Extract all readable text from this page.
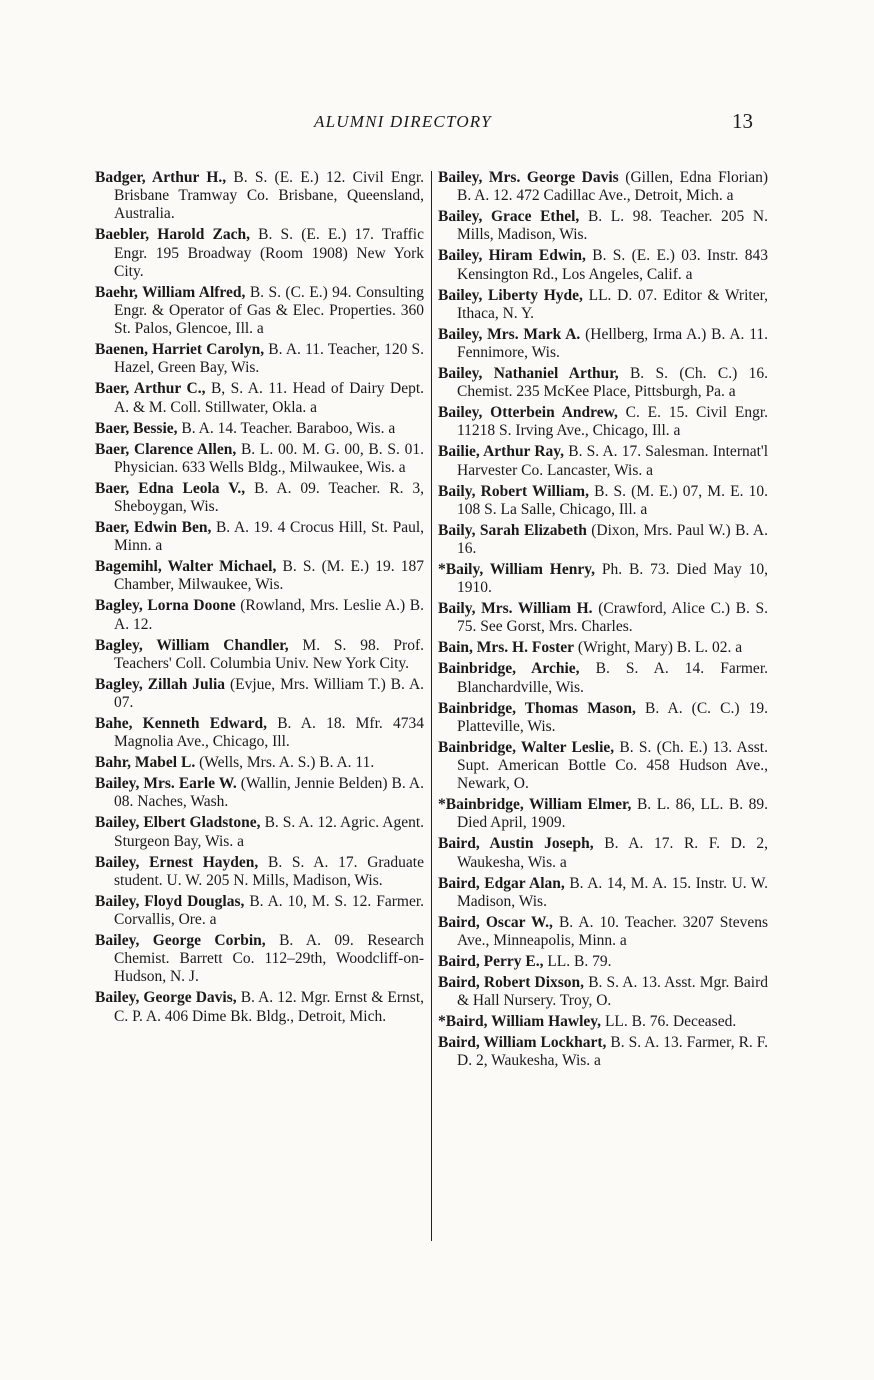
ALUMNI DIRECTORY	13
Badger, Arthur H., B. S. (E. E.) 12. Civil Engr. Brisbane Tramway Co. Brisbane, Queensland, Australia.
Baebler, Harold Zach, B. S. (E. E.) 17. Traffic Engr. 195 Broadway (Room 1908) New York City.
Baehr, William Alfred, B. S. (C. E.) 94. Consulting Engr. & Operator of Gas & Elec. Properties. 360 St. Palos, Glencoe, Ill. a
Baenen, Harriet Carolyn, B. A. 11. Teacher, 120 S. Hazel, Green Bay, Wis.
Baer, Arthur C., B, S. A. 11. Head of Dairy Dept. A. & M. Coll. Stillwater, Okla. a
Baer, Bessie, B. A. 14. Teacher. Baraboo, Wis. a
Baer, Clarence Allen, B. L. 00. M. G. 00, B. S. 01. Physician. 633 Wells Bldg., Milwaukee, Wis. a
Baer, Edna Leola V., B. A. 09. Teacher. R. 3, Sheboygan, Wis.
Baer, Edwin Ben, B. A. 19. 4 Crocus Hill, St. Paul, Minn. a
Bagemihl, Walter Michael, B. S. (M. E.) 19. 187 Chamber, Milwaukee, Wis.
Bagley, Lorna Doone (Rowland, Mrs. Leslie A.) B. A. 12.
Bagley, William Chandler, M. S. 98. Prof. Teachers' Coll. Columbia Univ. New York City.
Bagley, Zillah Julia (Evjue, Mrs. William T.) B. A. 07.
Bahe, Kenneth Edward, B. A. 18. Mfr. 4734 Magnolia Ave., Chicago, Ill.
Bahr, Mabel L. (Wells, Mrs. A. S.) B. A. 11.
Bailey, Mrs. Earle W. (Wallin, Jennie Belden) B. A. 08. Naches, Wash.
Bailey, Elbert Gladstone, B. S. A. 12. Agric. Agent. Sturgeon Bay, Wis. a
Bailey, Ernest Hayden, B. S. A. 17. Graduate student. U. W. 205 N. Mills, Madison, Wis.
Bailey, Floyd Douglas, B. A. 10, M. S. 12. Farmer. Corvallis, Ore. a
Bailey, George Corbin, B. A. 09. Research Chemist. Barrett Co. 112–29th, Woodcliff-on-Hudson, N. J.
Bailey, George Davis, B. A. 12. Mgr. Ernst & Ernst, C. P. A. 406 Dime Bk. Bldg., Detroit, Mich.
Bailey, Mrs. George Davis (Gillen, Edna Florian) B. A. 12. 472 Cadillac Ave., Detroit, Mich. a
Bailey, Grace Ethel, B. L. 98. Teacher. 205 N. Mills, Madison, Wis.
Bailey, Hiram Edwin, B. S. (E. E.) 03. Instr. 843 Kensington Rd., Los Angeles, Calif. a
Bailey, Liberty Hyde, LL. D. 07. Editor & Writer, Ithaca, N. Y.
Bailey, Mrs. Mark A. (Hellberg, Irma A.) B. A. 11. Fennimore, Wis.
Bailey, Nathaniel Arthur, B. S. (Ch. C.) 16. Chemist. 235 McKee Place, Pittsburgh, Pa. a
Bailey, Otterbein Andrew, C. E. 15. Civil Engr. 11218 S. Irving Ave., Chicago, Ill. a
Bailie, Arthur Ray, B. S. A. 17. Salesman. Internat'l Harvester Co. Lancaster, Wis. a
Baily, Robert William, B. S. (M. E.) 07, M. E. 10. 108 S. La Salle, Chicago, Ill. a
Baily, Sarah Elizabeth (Dixon, Mrs. Paul W.) B. A. 16.
*Baily, William Henry, Ph. B. 73. Died May 10, 1910.
Baily, Mrs. William H. (Crawford, Alice C.) B. S. 75. See Gorst, Mrs. Charles.
Bain, Mrs. H. Foster (Wright, Mary) B. L. 02. a
Bainbridge, Archie, B. S. A. 14. Farmer. Blanchardville, Wis.
Bainbridge, Thomas Mason, B. A. (C. C.) 19. Platteville, Wis.
Bainbridge, Walter Leslie, B. S. (Ch. E.) 13. Asst. Supt. American Bottle Co. 458 Hudson Ave., Newark, O.
*Bainbridge, William Elmer, B. L. 86, LL. B. 89. Died April, 1909.
Baird, Austin Joseph, B. A. 17. R. F. D. 2, Waukesha, Wis. a
Baird, Edgar Alan, B. A. 14, M. A. 15. Instr. U. W. Madison, Wis.
Baird, Oscar W., B. A. 10. Teacher. 3207 Stevens Ave., Minneapolis, Minn. a
Baird, Perry E., LL. B. 79.
Baird, Robert Dixson, B. S. A. 13. Asst. Mgr. Baird & Hall Nursery. Troy, O.
*Baird, William Hawley, LL. B. 76. Deceased.
Baird, William Lockhart, B. S. A. 13. Farmer, R. F. D. 2, Waukesha, Wis. a
